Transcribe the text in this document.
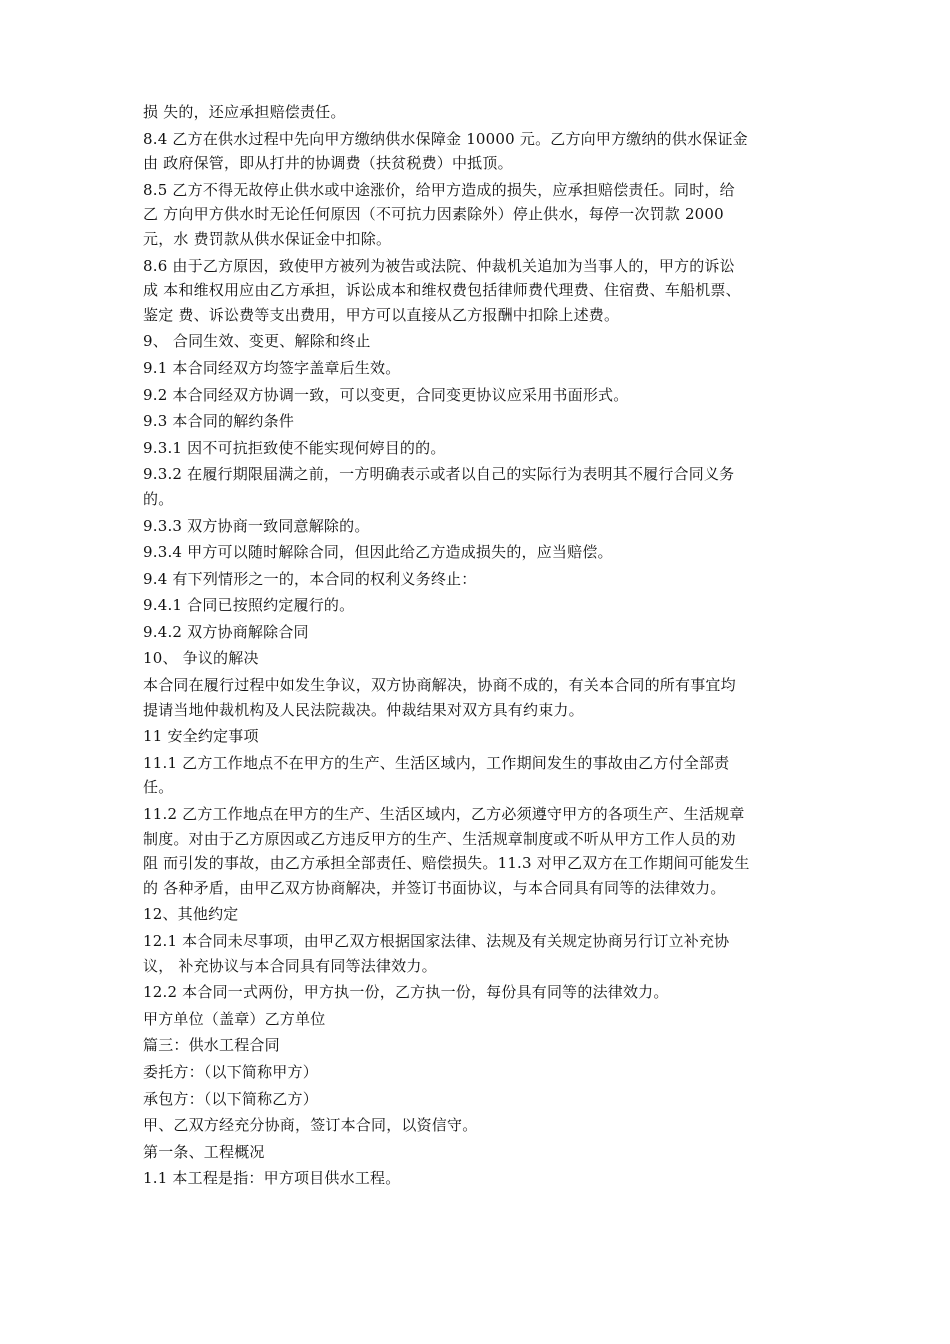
损 失的，还应承担赔偿责任。
8.4 乙方在供水过程中先向甲方缴纳供水保障金 10000 元。乙方向甲方缴纳的供水保证金
由 政府保管，即从打井的协调费（扶贫税费）中抵顶。
8.5 乙方不得无故停止供水或中途涨价，给甲方造成的损失，应承担赔偿责任。同时，给
乙 方向甲方供水时无论任何原因（不可抗力因素除外）停止供水，每停一次罚款 2000
元，水 费罚款从供水保证金中扣除。
8.6 由于乙方原因，致使甲方被列为被告或法院、仲裁机关追加为当事人的，甲方的诉讼
成 本和维权用应由乙方承担，诉讼成本和维权费包括律师费代理费、住宿费、车船机票、
鉴定 费、诉讼费等支出费用，甲方可以直接从乙方报酬中扣除上述费。
9、 合同生效、变更、解除和终止
9.1 本合同经双方均签字盖章后生效。
9.2 本合同经双方协调一致，可以变更，合同变更协议应采用书面形式。
9.3 本合同的解约条件
9.3.1 因不可抗拒致使不能实现何婷目的的。
9.3.2 在履行期限届满之前，一方明确表示或者以自己的实际行为表明其不履行合同义务
的。
9.3.3 双方协商一致同意解除的。
9.3.4 甲方可以随时解除合同，但因此给乙方造成损失的，应当赔偿。
9.4 有下列情形之一的，本合同的权利义务终止：
9.4.1 合同已按照约定履行的。
9.4.2 双方协商解除合同
10、 争议的解决
本合同在履行过程中如发生争议，双方协商解决，协商不成的，有关本合同的所有事宜均
提请当地仲裁机构及人民法院裁决。仲裁结果对双方具有约束力。
11 安全约定事项
11.1 乙方工作地点不在甲方的生产、生活区域内，工作期间发生的事故由乙方付全部责
任。
11.2 乙方工作地点在甲方的生产、生活区域内，乙方必须遵守甲方的各项生产、生活规章
制度。对由于乙方原因或乙方违反甲方的生产、生活规章制度或不听从甲方工作人员的劝
阻 而引发的事故，由乙方承担全部责任、赔偿损失。11.3 对甲乙双方在工作期间可能发生
的 各种矛盾，由甲乙双方协商解决，并签订书面协议，与本合同具有同等的法律效力。
12、其他约定
12.1 本合同未尽事项，由甲乙双方根据国家法律、法规及有关规定协商另行订立补充协
议， 补充协议与本合同具有同等法律效力。
12.2 本合同一式两份，甲方执一份，乙方执一份，每份具有同等的法律效力。
甲方单位（盖章）乙方单位
篇三：供水工程合同
委托方：（以下简称甲方）
承包方：（以下简称乙方）
甲、乙双方经充分协商，签订本合同，以资信守。
第一条、工程概况
1.1 本工程是指：甲方项目供水工程。
